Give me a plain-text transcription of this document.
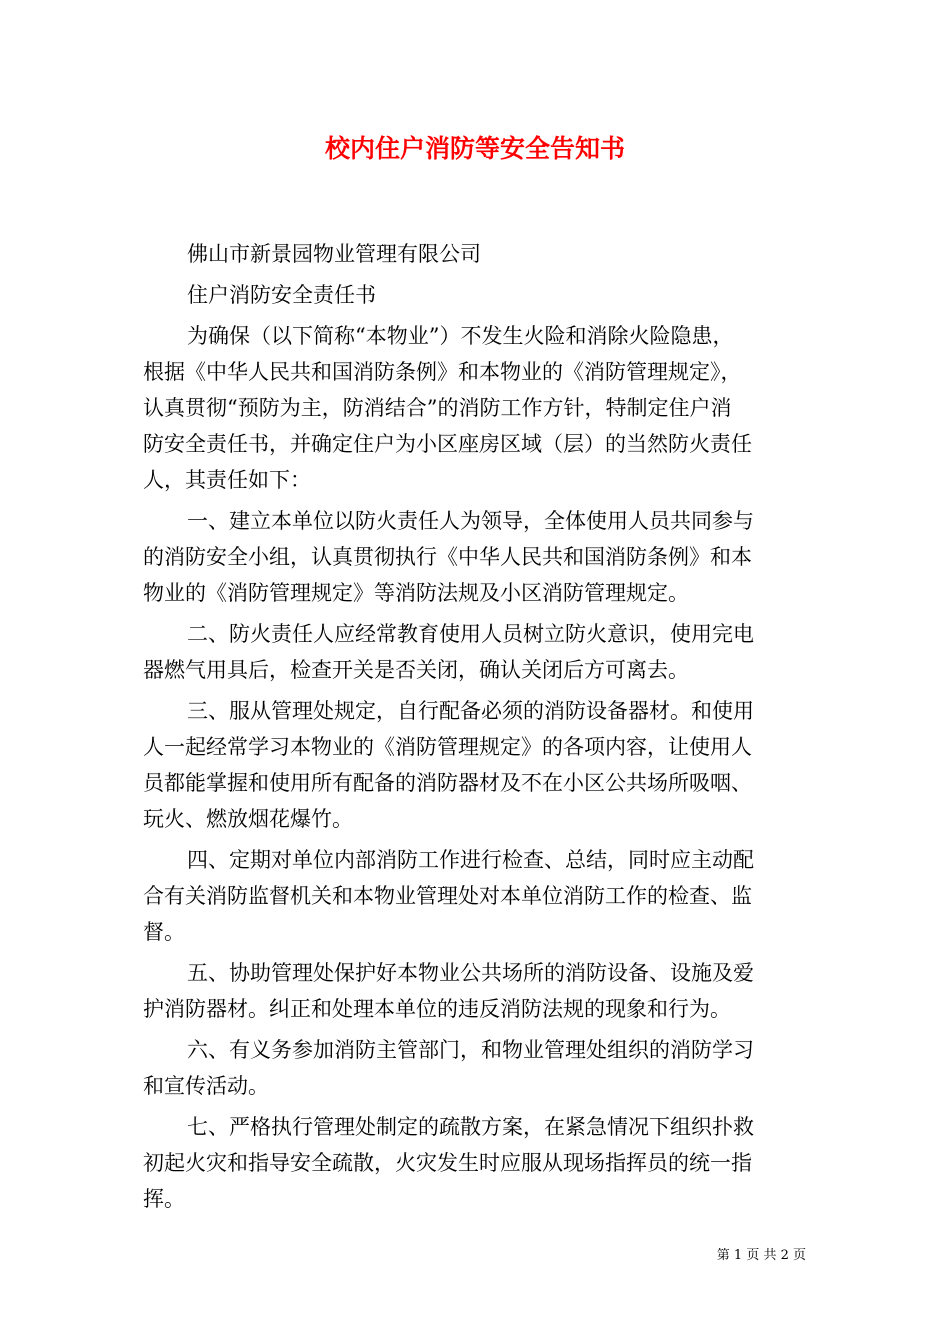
校内住户消防等安全告知书
佛山市新景园物业管理有限公司
住户消防安全责任书
为确保（以下简称“本物业”）不发生火险和消除火险隐患，
根据《中华人民共和国消防条例》和本物业的《消防管理规定》，
认真贯彻“预防为主，防消结合”的消防工作方针，特制定住户消
防安全责任书，并确定住户为小区座房区域（层）的当然防火责任
人，其责任如下：
一、建立本单位以防火责任人为领导，全体使用人员共同参与
的消防安全小组，认真贯彻执行《中华人民共和国消防条例》和本
物业的《消防管理规定》等消防法规及小区消防管理规定。
二、防火责任人应经常教育使用人员树立防火意识，使用完电
器燃气用具后，检查开关是否关闭，确认关闭后方可离去。
三、服从管理处规定，自行配备必须的消防设备器材。和使用
人一起经常学习本物业的《消防管理规定》的各项内容，让使用人
员都能掌握和使用所有配备的消防器材及不在小区公共场所吸咽、
玩火、燃放烟花爆竹。
四、定期对单位内部消防工作进行检查、总结，同时应主动配
合有关消防监督机关和本物业管理处对本单位消防工作的检查、监
督。
五、协助管理处保护好本物业公共场所的消防设备、设施及爱
护消防器材。纠正和处理本单位的违反消防法规的现象和行为。
六、有义务参加消防主管部门，和物业管理处组织的消防学习
和宣传活动。
七、严格执行管理处制定的疏散方案，在紧急情况下组织扑救
初起火灾和指导安全疏散，火灾发生时应服从现场指挥员的统一指
挥。
第 1 页 共 2 页
